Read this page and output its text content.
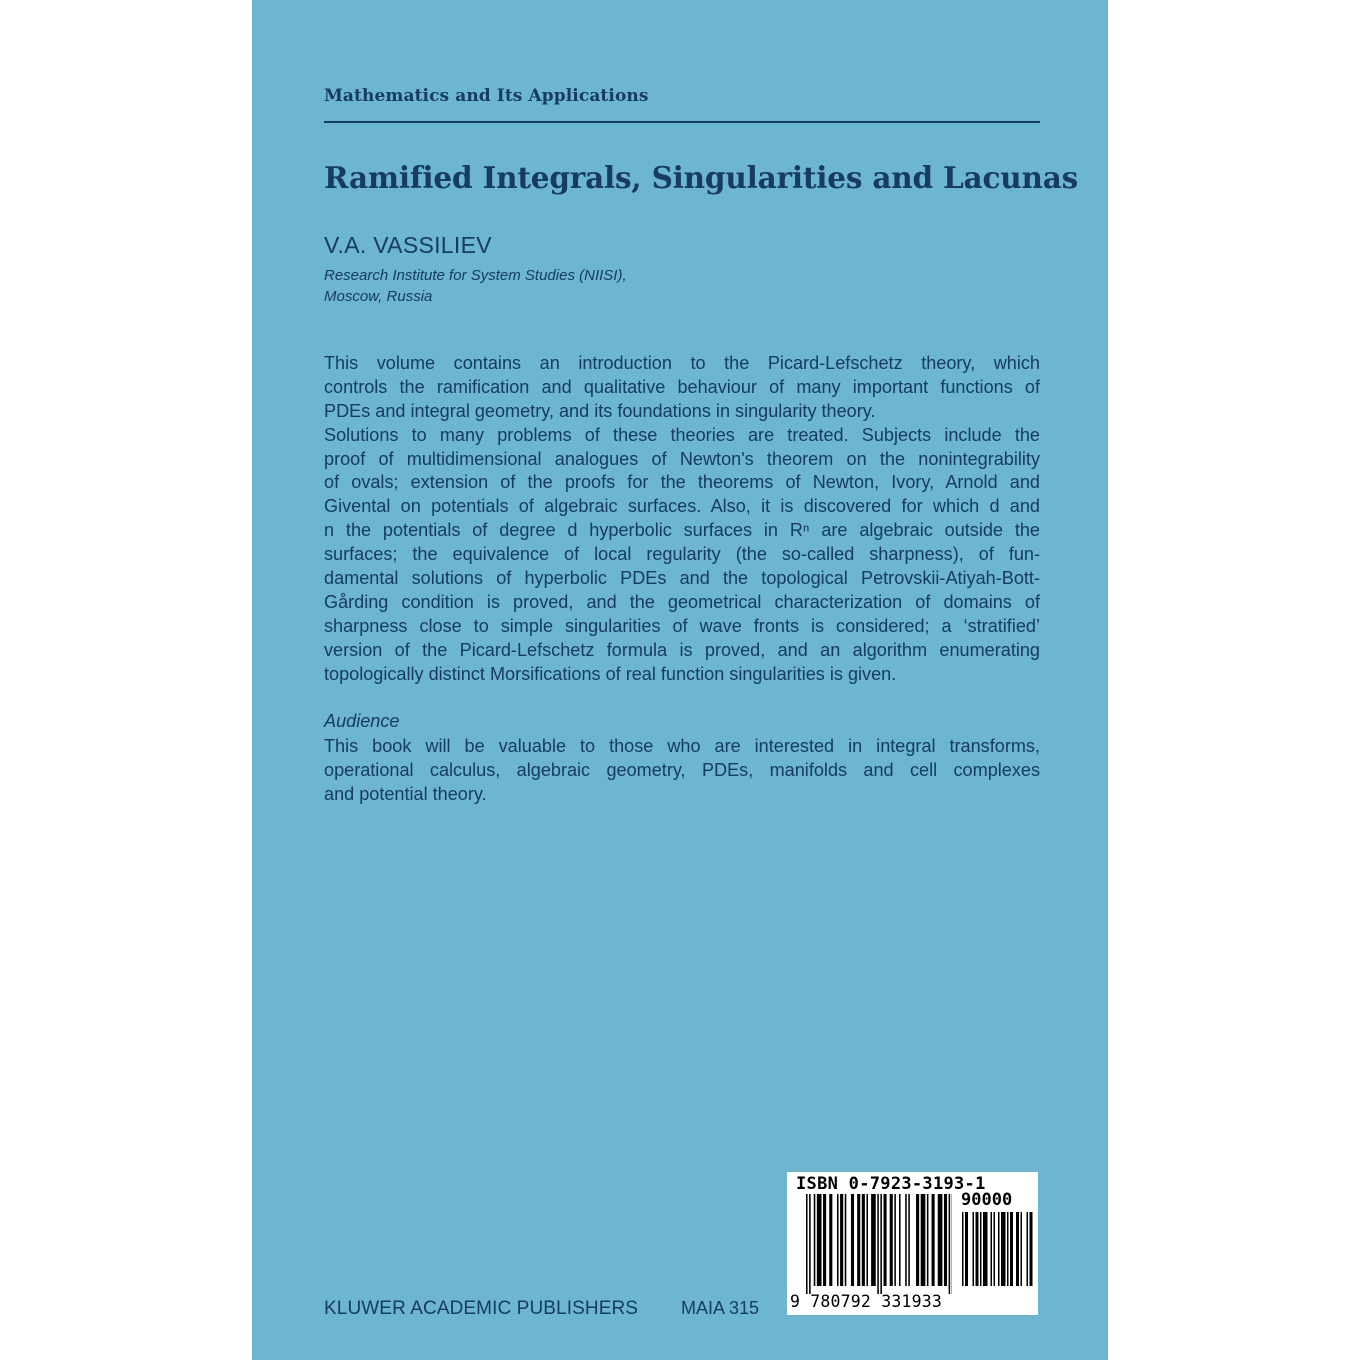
Mathematics and Its Applications
Ramified Integrals, Singularities and Lacunas
V.A. VASSILIEV
Research Institute for System Studies (NIISI),
Moscow, Russia
This volume contains an introduction to the Picard-Lefschetz theory, which
controls the ramification and qualitative behaviour of many important functions of
PDEs and integral geometry, and its foundations in singularity theory.
Solutions to many problems of these theories are treated. Subjects include the
proof of multidimensional analogues of Newton's theorem on the nonintegrability
of ovals; extension of the proofs for the theorems of Newton, Ivory, Arnold and
Givental on potentials of algebraic surfaces. Also, it is discovered for which d and
n the potentials of degree d hyperbolic surfaces in Rⁿ are algebraic outside the
surfaces; the equivalence of local regularity (the so-called sharpness), of fun-
damental solutions of hyperbolic PDEs and the topological Petrovskii-Atiyah-Bott-
Gårding condition is proved, and the geometrical characterization of domains of
sharpness close to simple singularities of wave fronts is considered; a ‘stratified’
version of the Picard-Lefschetz formula is proved, and an algorithm enumerating
topologically distinct Morsifications of real function singularities is given.
Audience
This book will be valuable to those who are interested in integral transforms,
operational calculus, algebraic geometry, PDEs, manifolds and cell complexes
and potential theory.
KLUWER ACADEMIC PUBLISHERS MAIA 315
ISBN 0-7923-3193-1
90000
9 780792 331933
